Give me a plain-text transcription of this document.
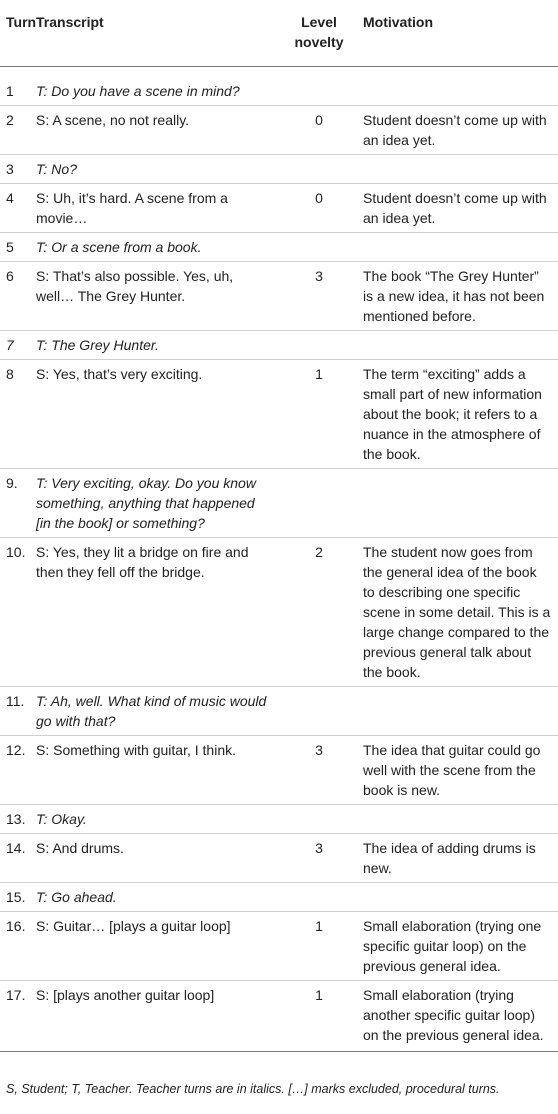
Turn	Transcript	Level novelty	Motivation
1	T: Do you have a scene in mind?		
2	S: A scene, no not really.	0	Student doesn’t come up with an idea yet.
3	T: No?		
4	S: Uh, it’s hard. A scene from a movie…	0	Student doesn’t come up with an idea yet.
5	T: Or a scene from a book.		
6	S: That’s also possible. Yes, uh, well… The Grey Hunter.	3	The book “The Grey Hunter” is a new idea, it has not been mentioned before.
7	T: The Grey Hunter.		
8	S: Yes, that’s very exciting.	1	The term “exciting” adds a small part of new information about the book; it refers to a nuance in the atmosphere of the book.
9.	T: Very exciting, okay. Do you know something, anything that happened [in the book] or something?		
10.	S: Yes, they lit a bridge on fire and then they fell off the bridge.	2	The student now goes from the general idea of the book to describing one specific scene in some detail. This is a large change compared to the previous general talk about the book.
11.	T: Ah, well. What kind of music would go with that?		
12.	S: Something with guitar, I think.	3	The idea that guitar could go well with the scene from the book is new.
13.	T: Okay.		
14.	S: And drums.	3	The idea of adding drums is new.
15.	T: Go ahead.		
16.	S: Guitar… [plays a guitar loop]	1	Small elaboration (trying one specific guitar loop) on the previous general idea.
17.	S: [plays another guitar loop]	1	Small elaboration (trying another specific guitar loop) on the previous general idea.
S, Student; T, Teacher. Teacher turns are in italics. […] marks excluded, procedural turns.
